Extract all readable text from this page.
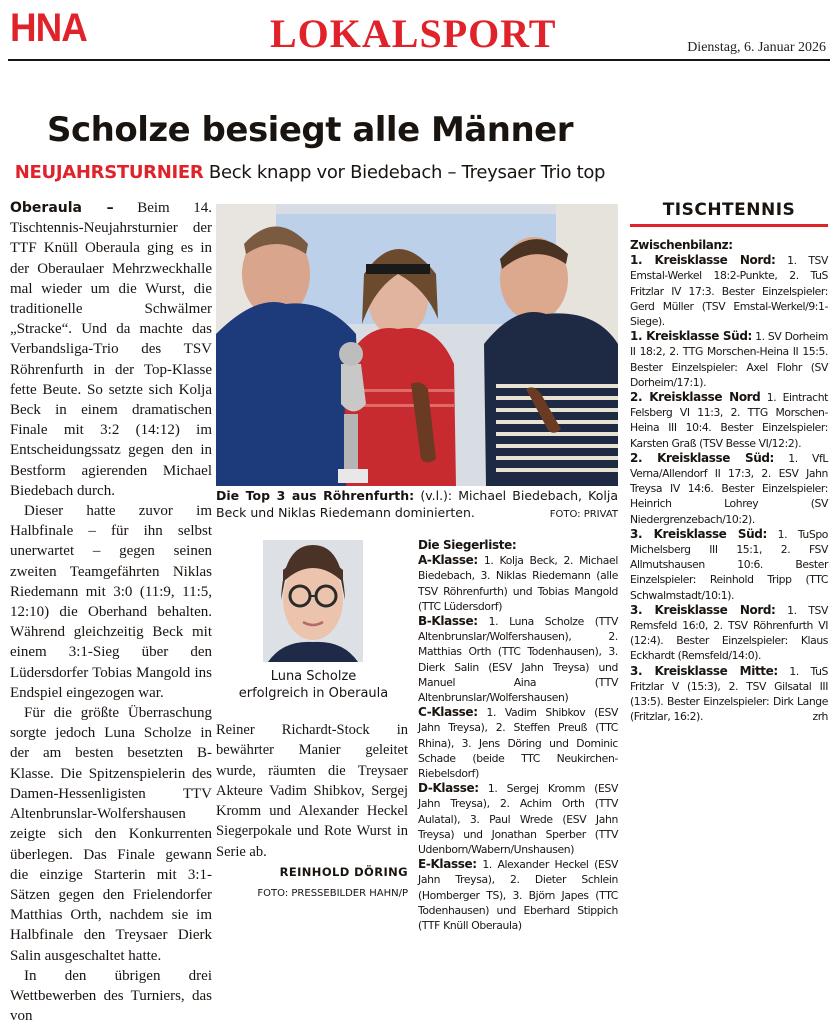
HNA	LOKALSPORT	Dienstag, 6. Januar 2026
Scholze besiegt alle Männer
NEUJAHRSTURNIER Beck knapp vor Biedebach – Treysaer Trio top

Oberaula – Beim 14. Tischtennis-Neujahrsturnier der TTF Knüll Oberaula ging es in der Oberaulaer Mehrzweckhalle mal wieder um die Wurst, die traditionelle Schwälmer „Stracke“. Und da machte das Verbandsliga-Trio des TSV Röhrenfurth in der Top-Klasse fette Beute. So setzte sich Kolja Beck in einem dramatischen Finale mit 3:2 (14:12) im Entscheidungssatz gegen den in Bestform agierenden Michael Biedebach durch.

Dieser hatte zuvor im Halbfinale – für ihn selbst unerwartet – gegen seinen zweiten Teamgefährten Niklas Riedemann mit 3:0 (11:9, 11:5, 12:10) die Oberhand behalten. Während gleichzeitig Beck mit einem 3:1-Sieg über den Lüdersdorfer Tobias Mangold ins Endspiel eingezogen war.

Für die größte Überraschung sorgte jedoch Luna Scholze in der am besten besetzten B-Klasse. Die Spitzenspielerin des Damen-Hessenligisten TTV Altenbrunslar-Wolfershausen zeigte sich den Konkurrenten überlegen. Das Finale gewann die einzige Starterin mit 3:1-Sätzen gegen den Frielendorfer Matthias Orth, nachdem sie im Halbfinale den Treysaer Dierk Salin ausgeschaltet hatte.

In den übrigen drei Wettbewerben des Turniers, das von

Die Top 3 aus Röhrenfurth: (v.l.): Michael Biedebach, Kolja Beck und Niklas Riedemann dominierten.	FOTO: PRIVAT
Luna Scholze
erfolgreich in Oberaula

Reiner Richardt-Stock in bewährter Manier geleitet wurde, räumten die Treysaer Akteure Vadim Shibkov, Sergej Kromm und Alexander Heckel Siegerpokale und Rote Wurst in Serie ab.

REINHOLD DÖRING
FOTO: PRESSEBILDER HAHN/P
Die Siegerliste:

A-Klasse: 1. Kolja Beck, 2. Michael Biedebach, 3. Niklas Riedemann (alle TSV Röhrenfurth) und Tobias Mangold (TTC Lüdersdorf)

B-Klasse: 1. Luna Scholze (TTV Altenbrunslar/Wolfershausen), 2. Matthias Orth (TTC Todenhausen), 3. Dierk Salin (ESV Jahn Treysa) und Manuel Aina (TTV Altenbrunslar/Wolfershausen)

C-Klasse: 1. Vadim Shibkov (ESV Jahn Treysa), 2. Steffen Preuß (TTC Rhina), 3. Jens Döring und Dominic Schade (beide TTC Neukirchen-Riebelsdorf)

D-Klasse: 1. Sergej Kromm (ESV Jahn Treysa), 2. Achim Orth (TTV Aulatal), 3. Paul Wrede (ESV Jahn Treysa) und Jonathan Sperber (TTV Udenborn/Wabern/Unshausen)

E-Klasse: 1. Alexander Heckel (ESV Jahn Treysa), 2. Dieter Schlein (Homberger TS), 3. Björn Japes (TTC Todenhausen) und Eberhard Stippich (TTF Knüll Oberaula)

TISCHTENNIS
Zwischenbilanz:

1. Kreisklasse Nord: 1. TSV Emstal-Werkel 18:2-Punkte, 2. TuS Fritzlar IV 17:3. Bester Einzelspieler: Gerd Müller (TSV Emstal-Werkel/9:1-Siege).

1. Kreisklasse Süd: 1. SV Dorheim II 18:2, 2. TTG Morschen-Heina II 15:5. Bester Einzelspieler: Axel Flohr (SV Dorheim/17:1).

2. Kreisklasse Nord 1. Eintracht Felsberg VI 11:3, 2. TTG Morschen-Heina III 10:4. Bester Einzelspieler: Karsten Graß (TSV Besse VI/12:2).

2. Kreisklasse Süd: 1. VfL Verna/Allendorf II 17:3, 2. ESV Jahn Treysa IV 14:6. Bester Einzelspieler: Heinrich Lohrey (SV Niedergrenzebach/10:2).

3. Kreisklasse Süd: 1. TuSpo Michelsberg III 15:1, 2. FSV Allmutshausen 10:6. Bester Einzelspieler: Reinhold Tripp (TTC Schwalmstadt/10:1).

3. Kreisklasse Nord: 1. TSV Remsfeld 16:0, 2. TSV Röhrenfurth VI (12:4). Bester Einzelspieler: Klaus Eckhardt (Remsfeld/14:0).

3. Kreisklasse Mitte: 1. TuS Fritzlar V (15:3), 2. TSV Gilsatal III (13:5). Bester Einzelspieler: Dirk Lange (Fritzlar, 16:2).	zrh
